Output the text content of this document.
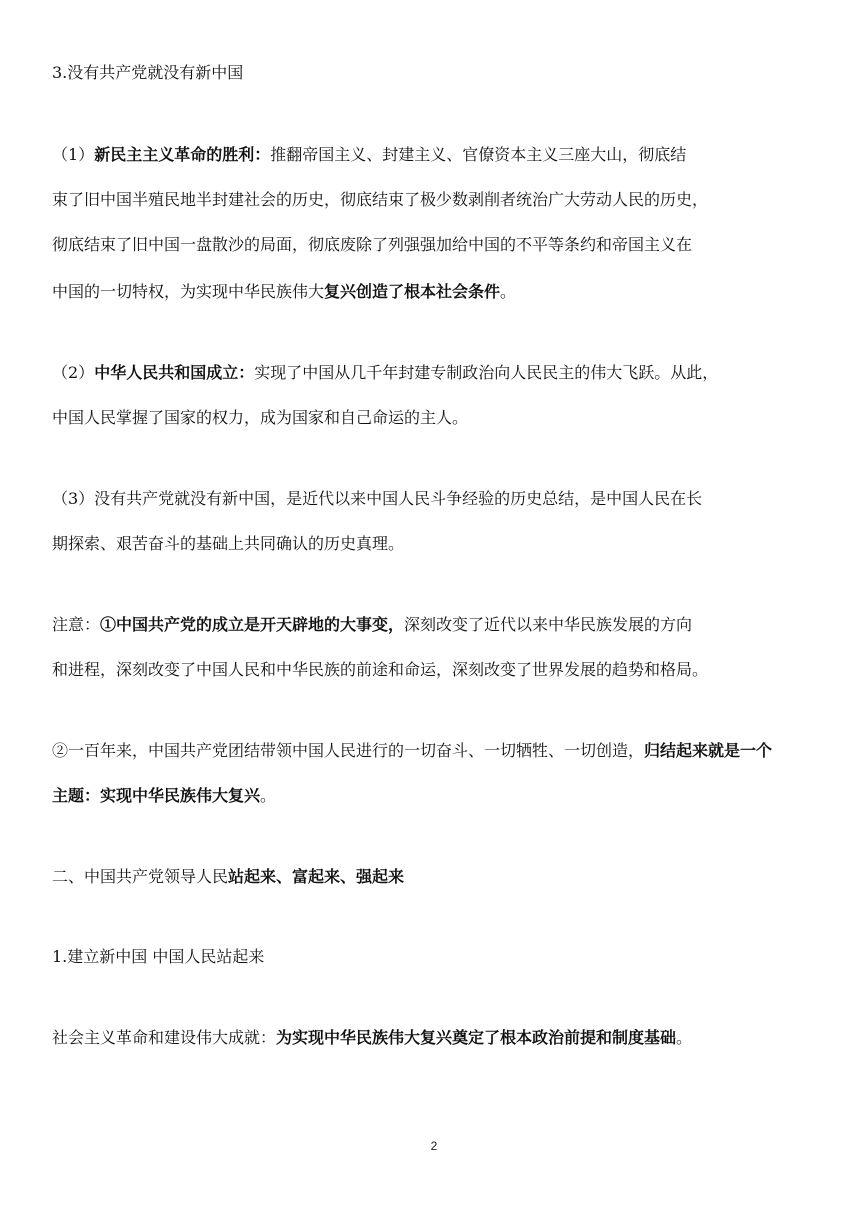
3.没有共产党就没有新中国
（1）新民主主义革命的胜利：推翻帝国主义、封建主义、官僚资本主义三座大山，彻底结
束了旧中国半殖民地半封建社会的历史，彻底结束了极少数剥削者统治广大劳动人民的历史，
彻底结束了旧中国一盘散沙的局面，彻底废除了列强强加给中国的不平等条约和帝国主义在
中国的一切特权，为实现中华民族伟大复兴创造了根本社会条件。
（2）中华人民共和国成立：实现了中国从几千年封建专制政治向人民民主的伟大飞跃。从此，
中国人民掌握了国家的权力，成为国家和自己命运的主人。
（3）没有共产党就没有新中国，是近代以来中国人民斗争经验的历史总结，是中国人民在长
期探索、艰苦奋斗的基础上共同确认的历史真理。
注意：①中国共产党的成立是开天辟地的大事变，深刻改变了近代以来中华民族发展的方向
和进程，深刻改变了中国人民和中华民族的前途和命运，深刻改变了世界发展的趋势和格局。
②一百年来，中国共产党团结带领中国人民进行的一切奋斗、一切牺牲、一切创造，归结起来就是一个
主题：实现中华民族伟大复兴。
二、中国共产党领导人民站起来、富起来、强起来
1.建立新中国 中国人民站起来
社会主义革命和建设伟大成就：为实现中华民族伟大复兴奠定了根本政治前提和制度基础。
2
